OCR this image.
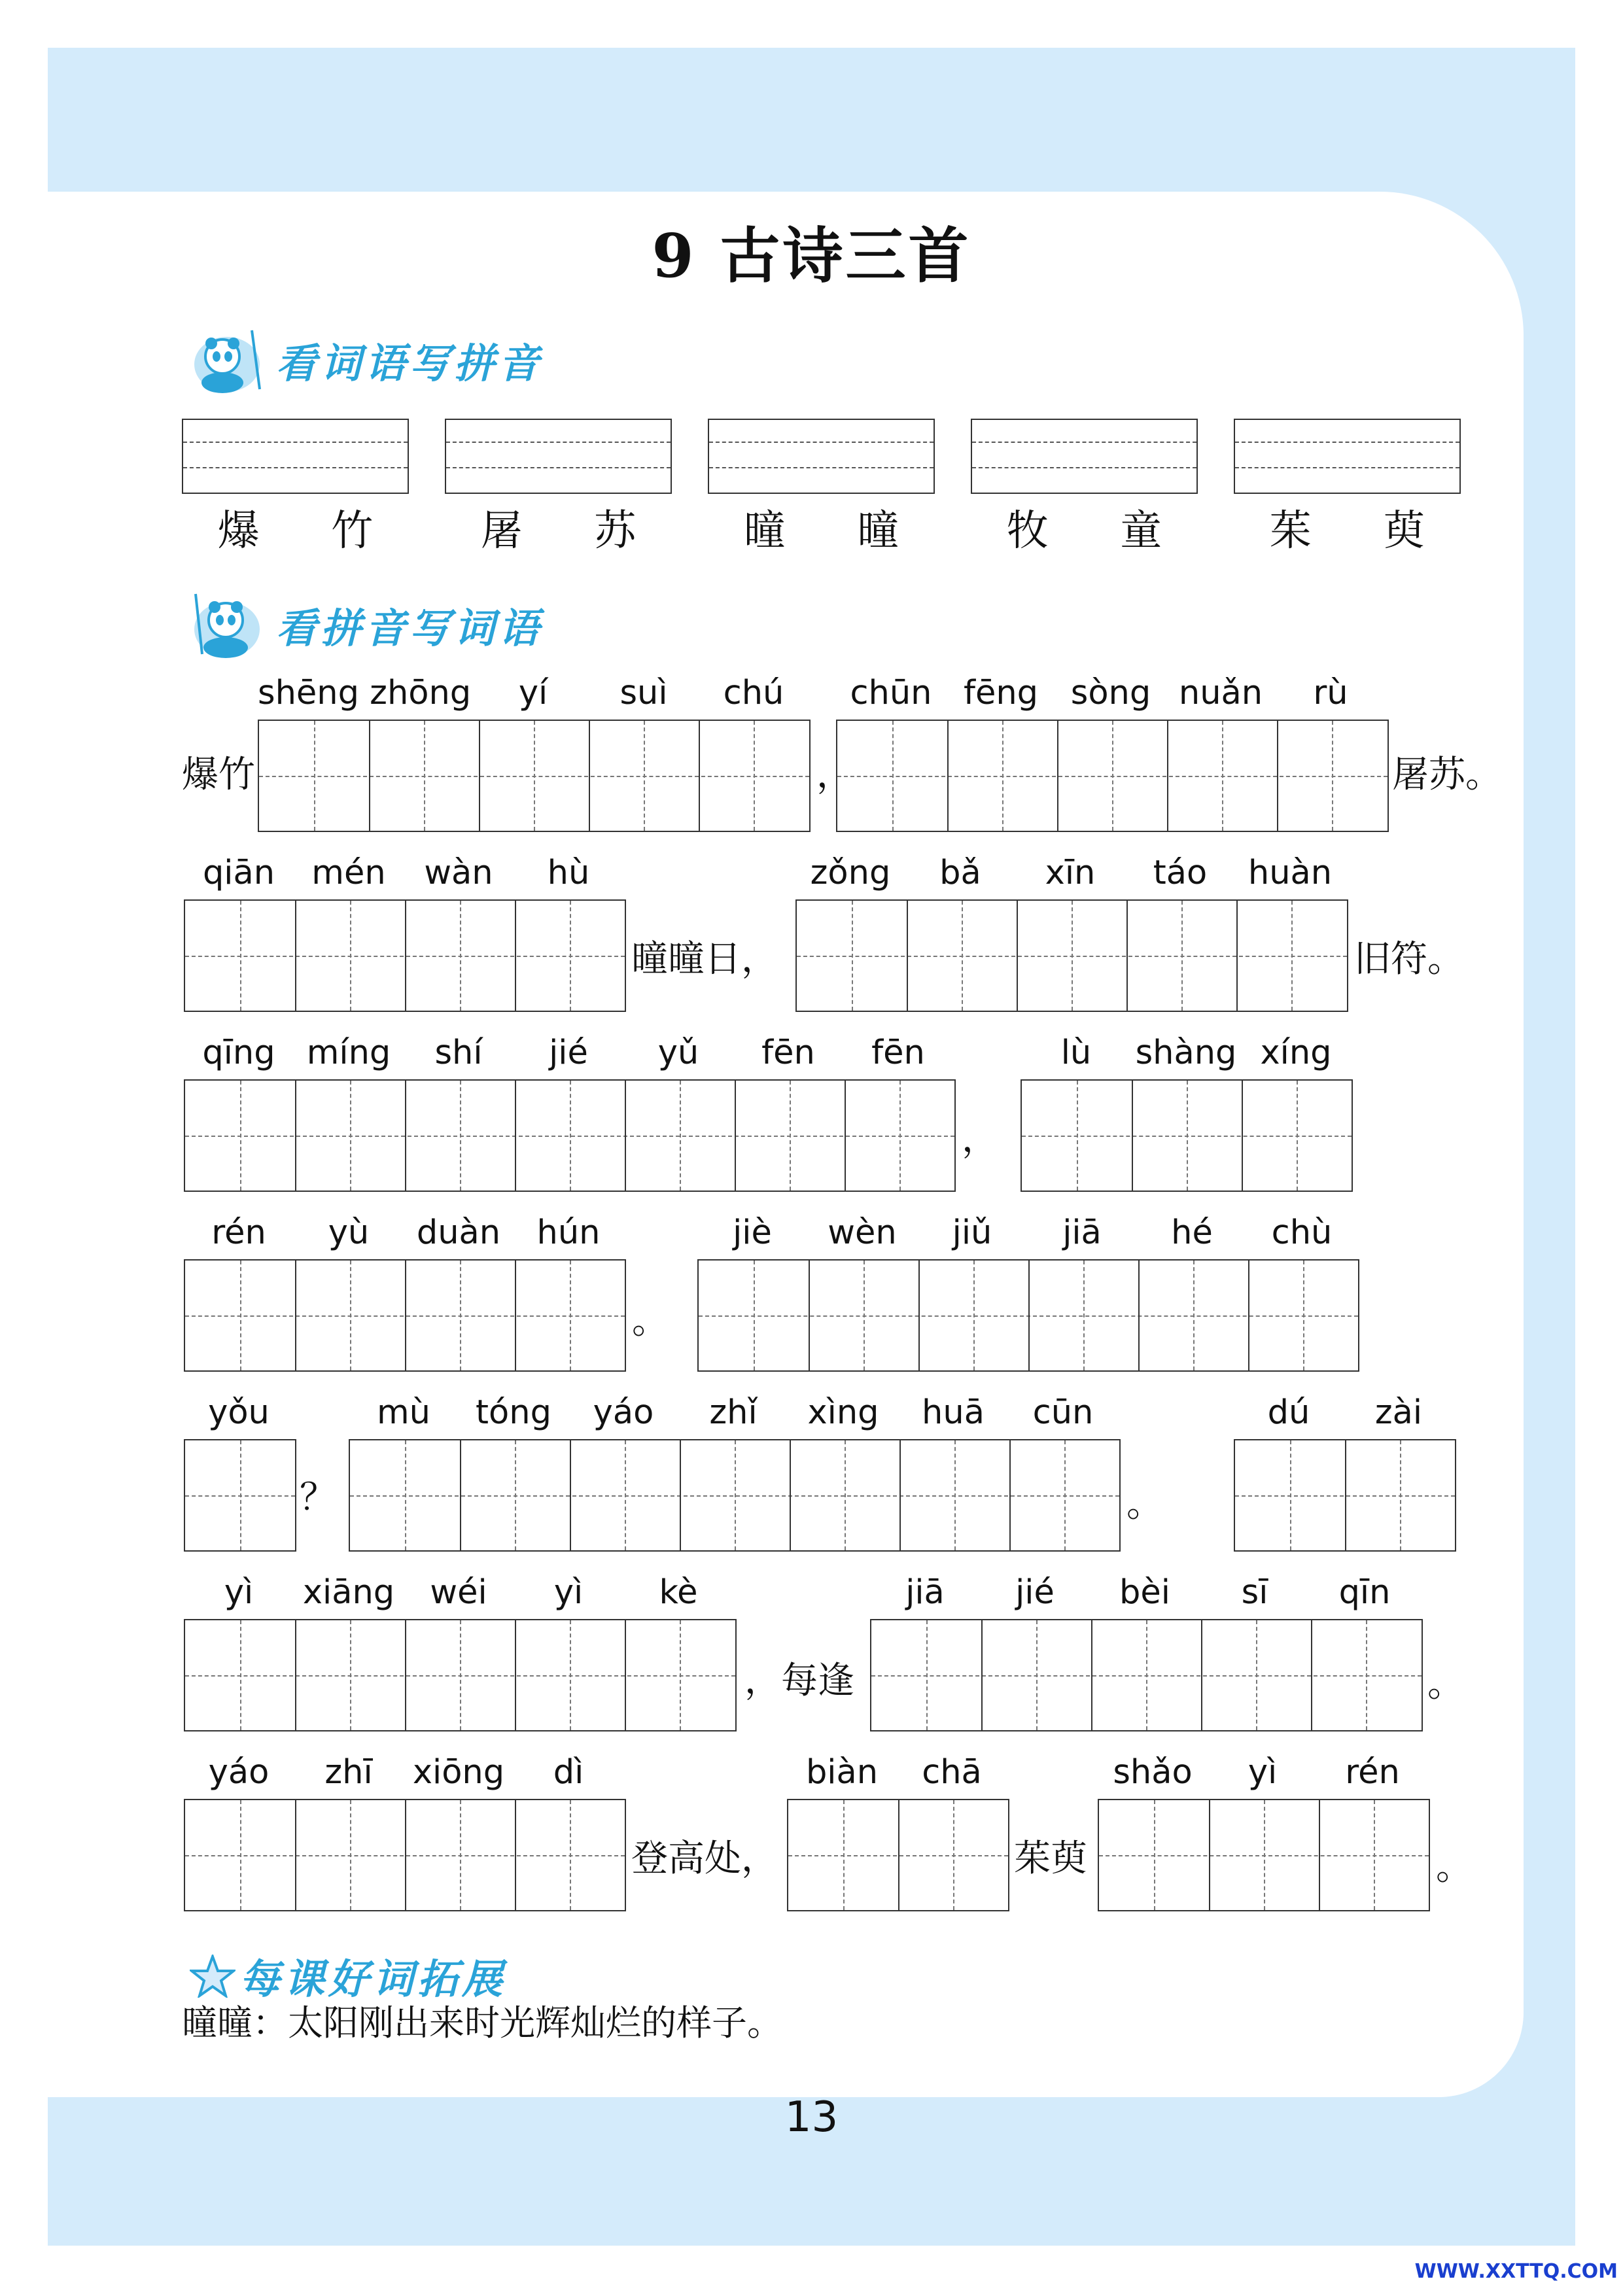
9 古诗三首
看词语写拼音
爆 竹	屠 苏	曈 曈	牧 童	茱 萸
看拼音写词语
shēng zhōng	yí	suì	chú	chūn fēng sòng nuǎn	rù
爆竹	，	屠苏。
qiān	mén	wàn	hù	zǒng	bǎ	xīn	táo	huàn
曈曈日，	旧符。
qīng míng	shí	jié	yǔ	fēn	fēn	lù	shàng xíng
，
rén	yù	duàn	hún	jiè	wèn	jiǔ	jiā	hé	chù
。
yǒu	mù	tóng	yáo	zhǐ	xìng	huā	cūn	dú	zài
？	。
yì	xiāng	wéi	yì	kè	jiā	jié	bèi	sī	qīn
，每逢	。
yáo	zhī	xiōng	dì	biàn	chā	shǎo	yì	rén
登高处，	茱萸	。
每课好词拓展
曈曈：太阳刚出来时光辉灿烂的样子。
13
WWW.XXTTQ.COM
